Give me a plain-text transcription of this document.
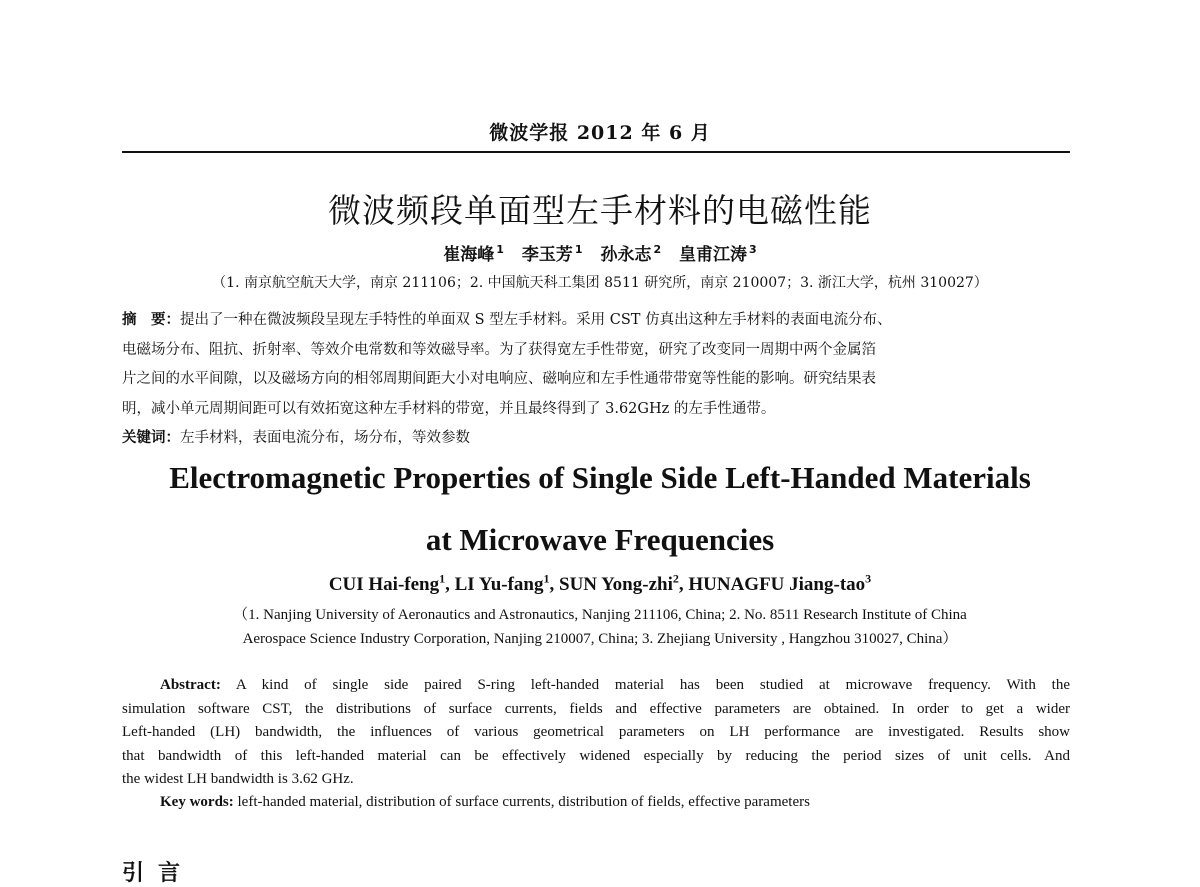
微波学报 2012 年 6 月
微波频段单面型左手材料的电磁性能
崔海峰 $^1$ 李玉芳 $^1$ 孙永志 $^2$ 皇甫江涛 $^3$
（1. 南京航空航天大学，南京 211106；2. 中国航天科工集团 8511 研究所，南京 210007；3. 浙江大学，杭州 310027）
摘　要：提出了一种在微波频段呈现左手特性的单面双 S 型左手材料。采用 CST 仿真出这种左手材料的表面电流分布、
电磁场分布、阻抗、折射率、等效介电常数和等效磁导率。为了获得宽左手性带宽，研究了改变同一周期中两个金属箔
片之间的水平间隙，以及磁场方向的相邻周期间距大小对电响应、磁响应和左手性通带带宽等性能的影响。研究结果表
明，减小单元周期间距可以有效拓宽这种左手材料的带宽，并且最终得到了 3.62GHz 的左手性通带。
关键词：左手材料，表面电流分布，场分布，等效参数
Electromagnetic Properties of Single Side Left-Handed Materials
at Microwave Frequencies
CUI Hai-feng$^1$, LI Yu-fang$^1$, SUN Yong-zhi$^2$, HUNAGFU Jiang-tao$^3$
（1. Nanjing University of Aeronautics and Astronautics, Nanjing 211106, China; 2. No. 8511 Research Institute of China
Aerospace Science Industry Corporation, Nanjing 210007, China; 3. Zhejiang University , Hangzhou 310027, China）
Abstract: A kind of single side paired S-ring left-handed material has been studied at microwave frequency. With the
simulation software CST, the distributions of surface currents, fields and effective parameters are obtained. In order to get a wider
Left-handed (LH) bandwidth, the influences of various geometrical parameters on LH performance are investigated. Results show
that bandwidth of this left-handed material can be effectively widened especially by reducing the period sizes of unit cells. And
the widest LH bandwidth is 3.62 GHz.
Key words: left-handed material, distribution of surface currents, distribution of fields, effective parameters
引言
